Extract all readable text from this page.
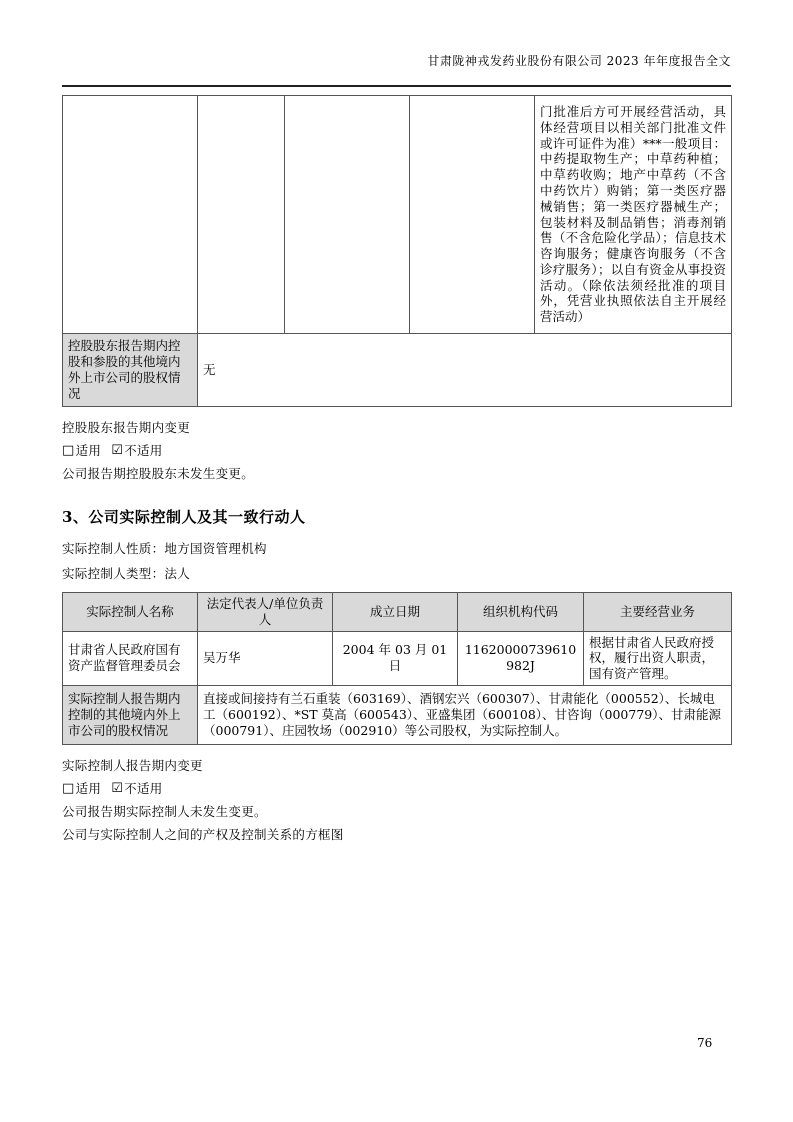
甘肃陇神戎发药业股份有限公司 2023 年年度报告全文
				门批准后方可开展经营活动，具体经营项目以相关部门批准文件或许可证件为准）***一般项目：中药提取物生产；中草药种植；中草药收购；地产中草药（不含中药饮片）购销；第一类医疗器械销售；第一类医疗器械生产；包装材料及制品销售；消毒剂销售（不含危险化学品）；信息技术咨询服务；健康咨询服务（不含诊疗服务）；以自有资金从事投资活动。（除依法须经批准的项目外，凭营业执照依法自主开展经营活动）
控股股东报告期内控股和参股的其他境内外上市公司的股权情况	无			

控股股东报告期内变更

□ 适用 ☑ 不适用

公司报告期控股股东未发生变更。

3、公司实际控制人及其一致行动人

实际控制人性质：地方国资管理机构

实际控制人类型：法人

实际控制人名称	法定代表人/单位负责人	成立日期	组织机构代码	主要经营业务
甘肃省人民政府国有资产监督管理委员会	吴万华	2004 年 03 月 01 日	11620000739610982J	根据甘肃省人民政府授权，履行出资人职责，国有资产管理。
实际控制人报告期内控制的其他境内外上市公司的股权情况	直接或间接持有兰石重装（603169）、酒钢宏兴（600307）、甘肃能化（000552）、长城电工（600192）、*ST 莫高（600543）、亚盛集团（600108）、甘咨询（000779）、甘肃能源（000791）、庄园牧场（002910）等公司股权，为实际控制人。			

实际控制人报告期内变更

□ 适用 ☑ 不适用

公司报告期实际控制人未发生变更。

公司与实际控制人之间的产权及控制关系的方框图

76
